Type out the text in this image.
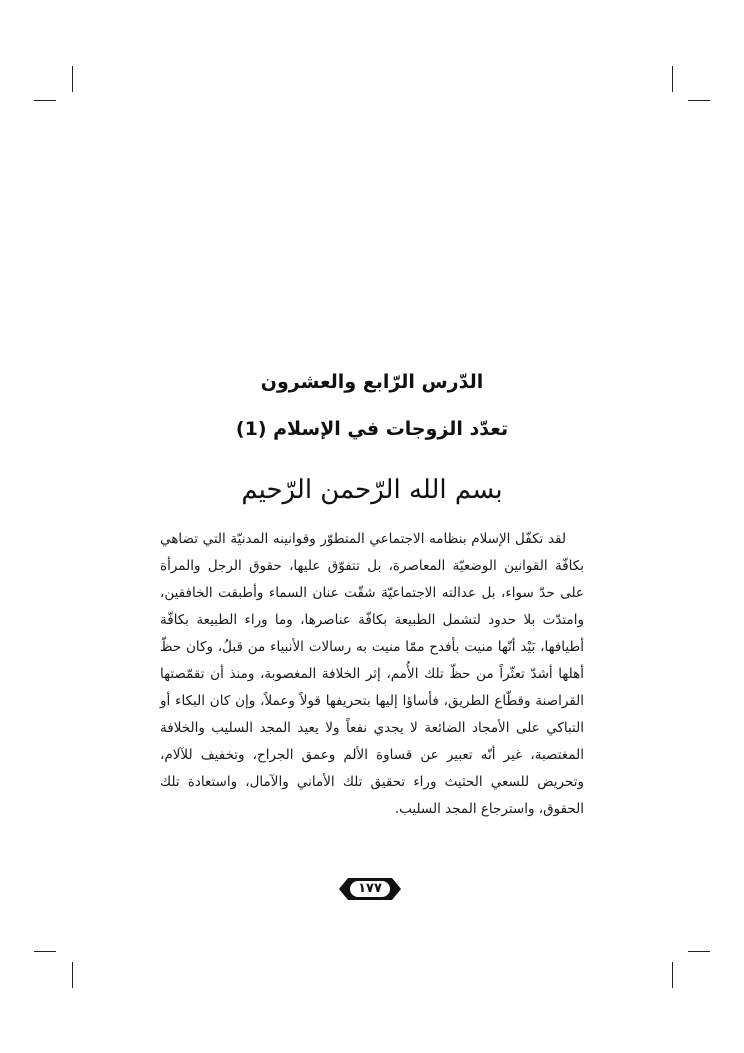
الدّرس الرّابع والعشرون
تعدّد الزوجات في الإسلام (1)
بسم الله الرّحمن الرّحيم

لقد تكفّل الإسلام بنظامه الاجتماعي المتطوّر وقوانينه المدنيّة التي تضاهي بكافّة القوانين الوضعيّة المعاصرة، بل تتفوّق عليها، حقوق الرجل والمرأة على حدّ سواء، بل عدالته الاجتماعيّة شقّت عنان السماء وأطبقت الخافقين، وامتدّت بلا حدود لتشمل الطبيعة بكافّة عناصرها، وما وراء الطبيعة بكافّة أطيافها، بَيْد أنّها منيت بأفدح ممّا منيت به رسالات الأنبياء من قبلُ، وكان حظّ أهلها أشدّ تعثّراً من حظّ تلك الأُمم، إثر الخلافة المغصوبة، ومنذ أن تقمّصتها القراصنة وقطّاع الطريق، فأساؤا إليها بتحريفها قولاً وعملاً، وإن كان البكاء أو التباكي على الأمجاد الضائعة لا يجدي نفعاً ولا يعيد المجد السليب والخلافة المغتصبة، غير أنّه تعبير عن قساوة الألم وعمق الجراح، وتخفيف للآلام، وتحريض للسعي الحثيث وراء تحقيق تلك الأماني والآمال، واستعادة تلك الحقوق، واسترجاع المجد السليب.

١٧٧
